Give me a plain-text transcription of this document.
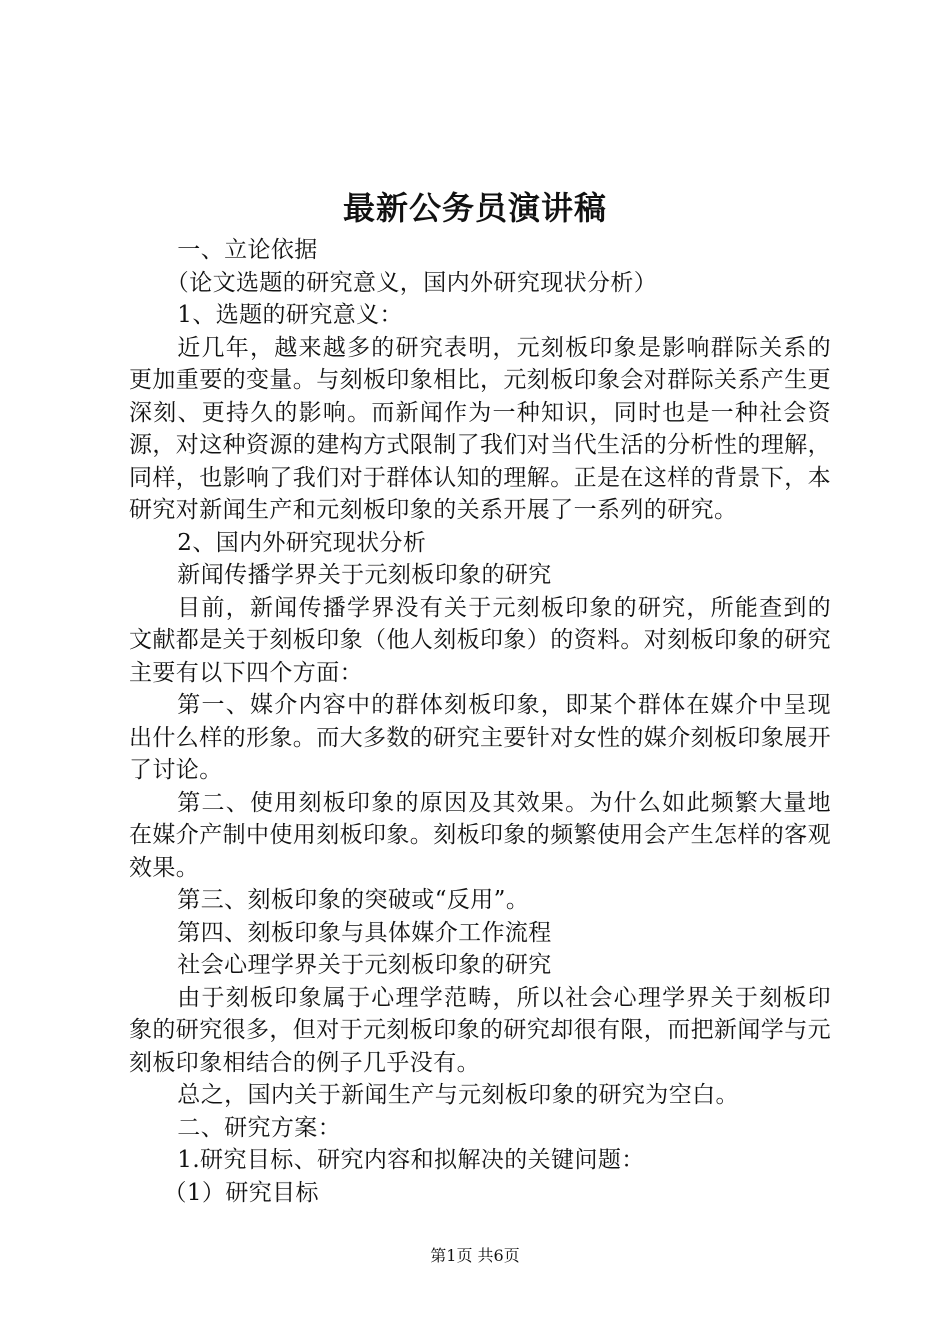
最新公务员演讲稿

一、立论依据

（论文选题的研究意义，国内外研究现状分析）

1、选题的研究意义：

近几年，越来越多的研究表明，元刻板印象是影响群际关系的更加重要的变量。与刻板印象相比，元刻板印象会对群际关系产生更深刻、更持久的影响。而新闻作为一种知识，同时也是一种社会资源，对这种资源的建构方式限制了我们对当代生活的分析性的理解，同样，也影响了我们对于群体认知的理解。正是在这样的背景下，本研究对新闻生产和元刻板印象的关系开展了一系列的研究。

2、国内外研究现状分析

新闻传播学界关于元刻板印象的研究

目前，新闻传播学界没有关于元刻板印象的研究，所能查到的文献都是关于刻板印象（他人刻板印象）的资料。对刻板印象的研究主要有以下四个方面：

第一、媒介内容中的群体刻板印象，即某个群体在媒介中呈现出什么样的形象。而大多数的研究主要针对女性的媒介刻板印象展开了讨论。

第二、使用刻板印象的原因及其效果。为什么如此频繁大量地在媒介产制中使用刻板印象。刻板印象的频繁使用会产生怎样的客观效果。

第三、刻板印象的突破或“反用”。

第四、刻板印象与具体媒介工作流程

社会心理学界关于元刻板印象的研究

由于刻板印象属于心理学范畴，所以社会心理学界关于刻板印象的研究很多，但对于元刻板印象的研究却很有限，而把新闻学与元刻板印象相结合的例子几乎没有。

总之，国内关于新闻生产与元刻板印象的研究为空白。

二、研究方案：

1.研究目标、研究内容和拟解决的关键问题：

（1）研究目标

第1页 共6页
